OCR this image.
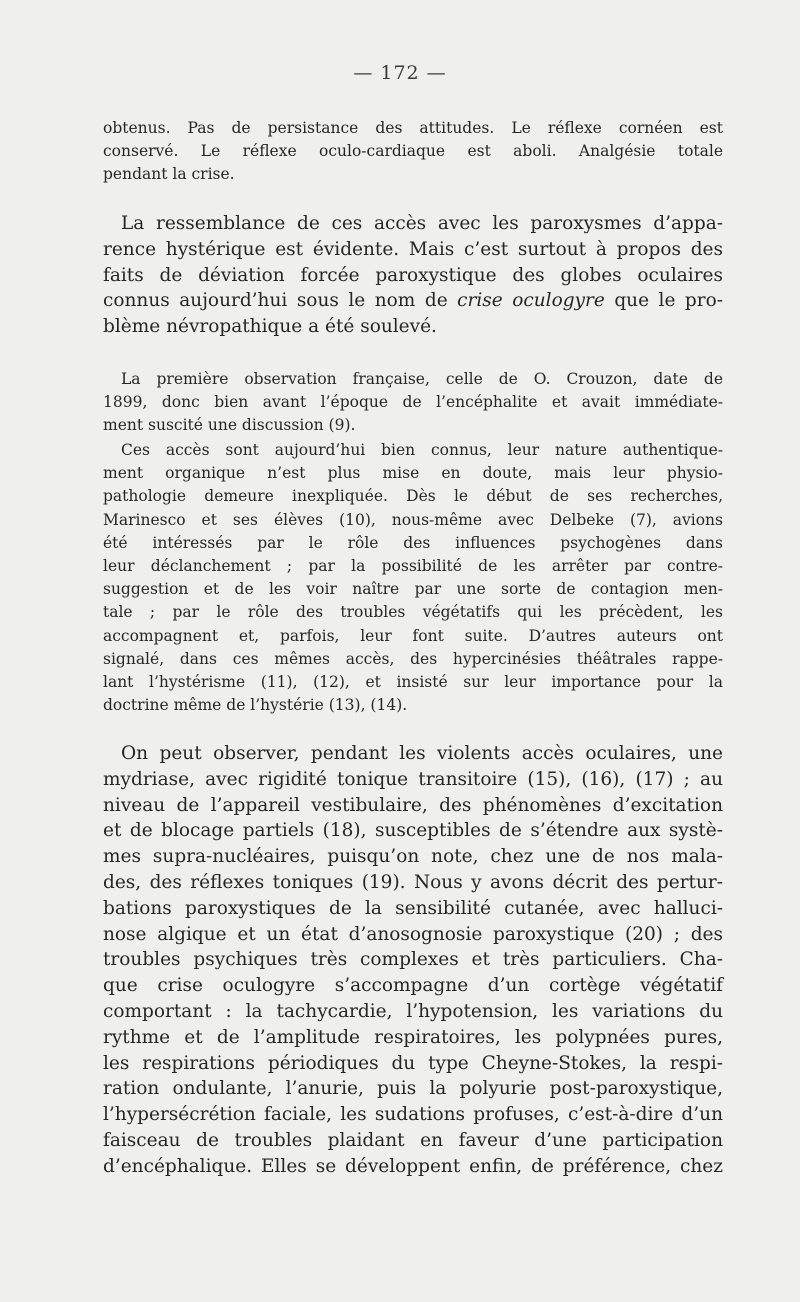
— 172 —
obtenus. Pas de persistance des attitudes. Le réflexe cornéen est
conservé. Le réflexe oculo-cardiaque est aboli. Analgésie totale
pendant la crise.
La ressemblance de ces accès avec les paroxysmes d’appa-
rence hystérique est évidente. Mais c’est surtout à propos des
faits de déviation forcée paroxystique des globes oculaires
connus aujourd’hui sous le nom de crise oculogyre que le pro-
blème névropathique a été soulevé.
La première observation française, celle de O. Crouzon, date de
1899, donc bien avant l’époque de l’encéphalite et avait immédiate-
ment suscité une discussion (9).
Ces accès sont aujourd’hui bien connus, leur nature authentique-
ment organique n’est plus mise en doute, mais leur physio-
pathologie demeure inexpliquée. Dès le début de ses recherches,
Marinesco et ses élèves (10), nous-même avec Delbeke (7), avions
été intéressés par le rôle des influences psychogènes dans
leur déclanchement ; par la possibilité de les arrêter par contre-
suggestion et de les voir naître par une sorte de contagion men-
tale ; par le rôle des troubles végétatifs qui les précèdent, les
accompagnent et, parfois, leur font suite. D’autres auteurs ont
signalé, dans ces mêmes accès, des hypercinésies théâtrales rappe-
lant l’hystérisme (11), (12), et insisté sur leur importance pour la
doctrine même de l’hystérie (13), (14).
On peut observer, pendant les violents accès oculaires, une
mydriase, avec rigidité tonique transitoire (15), (16), (17) ; au
niveau de l’appareil vestibulaire, des phénomènes d’excitation
et de blocage partiels (18), susceptibles de s’étendre aux systè-
mes supra-nucléaires, puisqu’on note, chez une de nos mala-
des, des réflexes toniques (19). Nous y avons décrit des pertur-
bations paroxystiques de la sensibilité cutanée, avec halluci-
nose algique et un état d’anosognosie paroxystique (20) ; des
troubles psychiques très complexes et très particuliers. Cha-
que crise oculogyre s’accompagne d’un cortège végétatif
comportant : la tachycardie, l’hypotension, les variations du
rythme et de l’amplitude respiratoires, les polypnées pures,
les respirations périodiques du type Cheyne-Stokes, la respi-
ration ondulante, l’anurie, puis la polyurie post-paroxystique,
l’hypersécrétion faciale, les sudations profuses, c’est-à-dire d’un
faisceau de troubles plaidant en faveur d’une participation
d’encéphalique. Elles se développent enfin, de préférence, chez
